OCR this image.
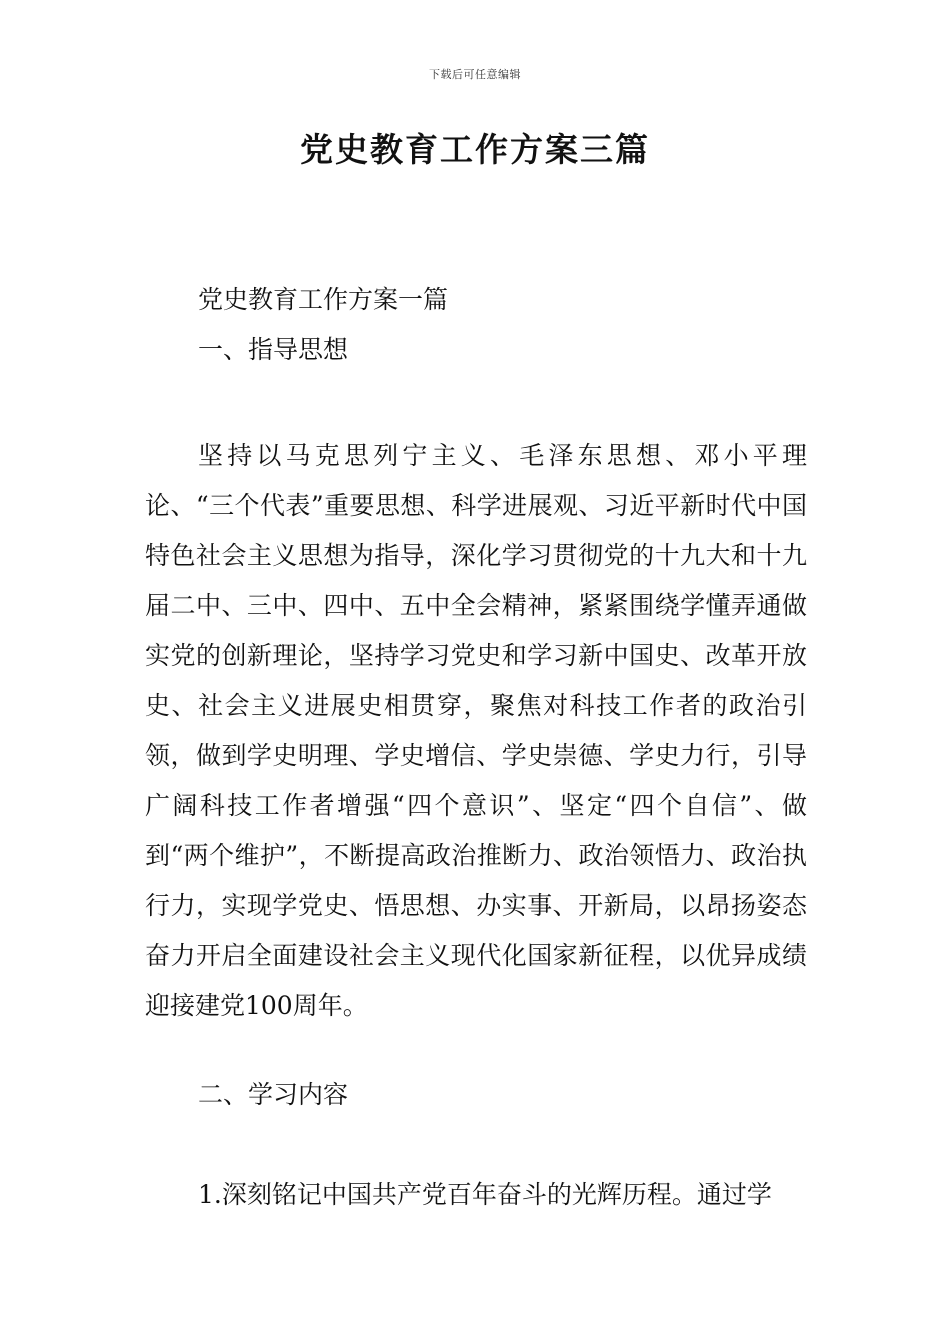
下载后可任意编辑
党史教育工作方案三篇

党史教育工作方案一篇

一、指导思想

坚持以马克思列宁主义、毛泽东思想、邓小平理论、“三个代表”重要思想、科学进展观、习近平新时代中国特色社会主义思想为指导，深化学习贯彻党的十九大和十九届二中、三中、四中、五中全会精神，紧紧围绕学懂弄通做实党的创新理论，坚持学习党史和学习新中国史、改革开放史、社会主义进展史相贯穿，聚焦对科技工作者的政治引领，做到学史明理、学史增信、学史崇德、学史力行，引导广阔科技工作者增强“四个意识”、坚定“四个自信”、做到“两个维护”，不断提高政治推断力、政治领悟力、政治执行力，实现学党史、悟思想、办实事、开新局，以昂扬姿态奋力开启全面建设社会主义现代化国家新征程，以优异成绩迎接建党100周年。

二、学习内容

1.深刻铭记中国共产党百年奋斗的光辉历程。通过学
